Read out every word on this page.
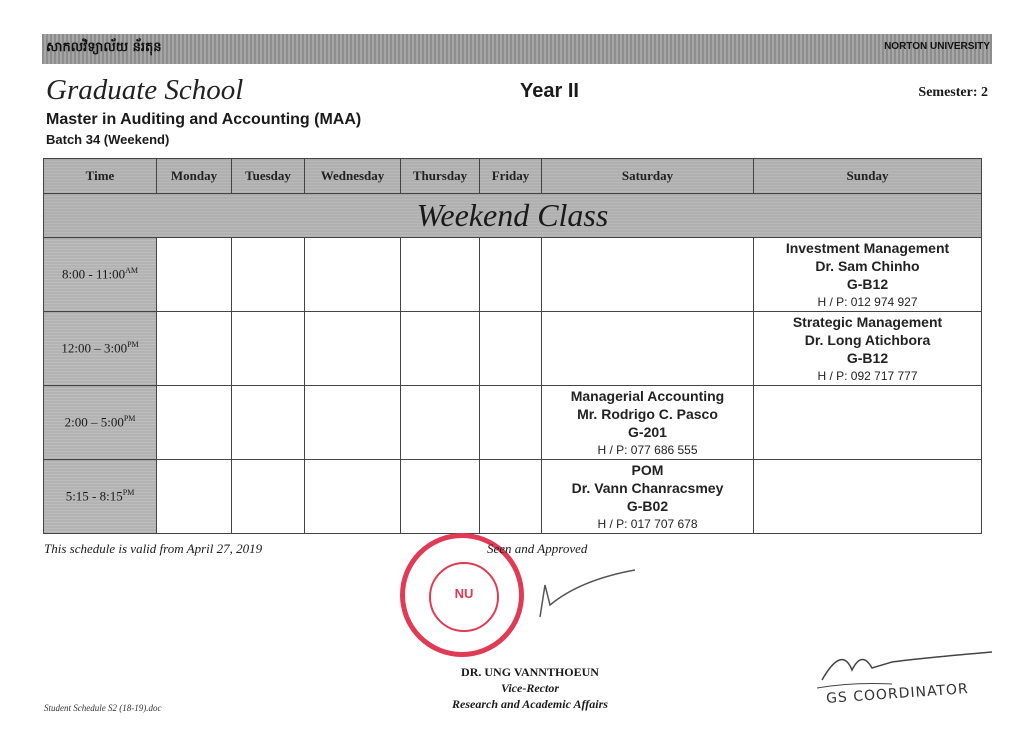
សាកលវិទ្យាល័យ ន័រតុន	NORTON UNIVERSITY
Graduate School	Year II	Semester: 2
Master in Auditing and Accounting (MAA)
Batch 34 (Weekend)
Time	Monday	Tuesday	Wednesday	Thursday	Friday	Saturday	Sunday
Weekend Class							
8:00 - $11:00^{AM}$							Investment Management
Dr. Sam Chinho
G-B12
H / P: 012 974 927

12:00 – $3:00^{PM}$							Strategic Management
Dr. Long Atichbora
G-B12
H / P: 092 717 777

2:00 – $5:00^{PM}$						Managerial Accounting
Mr. Rodrigo C. Pasco
G-201
H / P: 077 686 555	

5:15 - $8:15^{PM}$						POM
Dr. Vann Chanracsmey
G-B02
H / P: 017 707 678	

This schedule is valid from April 27, 2019
NU
Seen and Approved
DR. UNG VANNTHOEUN
Vice-Rector
Research and Academic Affairs	GS COORDINATOR
Student Schedule S2 (18-19).doc
